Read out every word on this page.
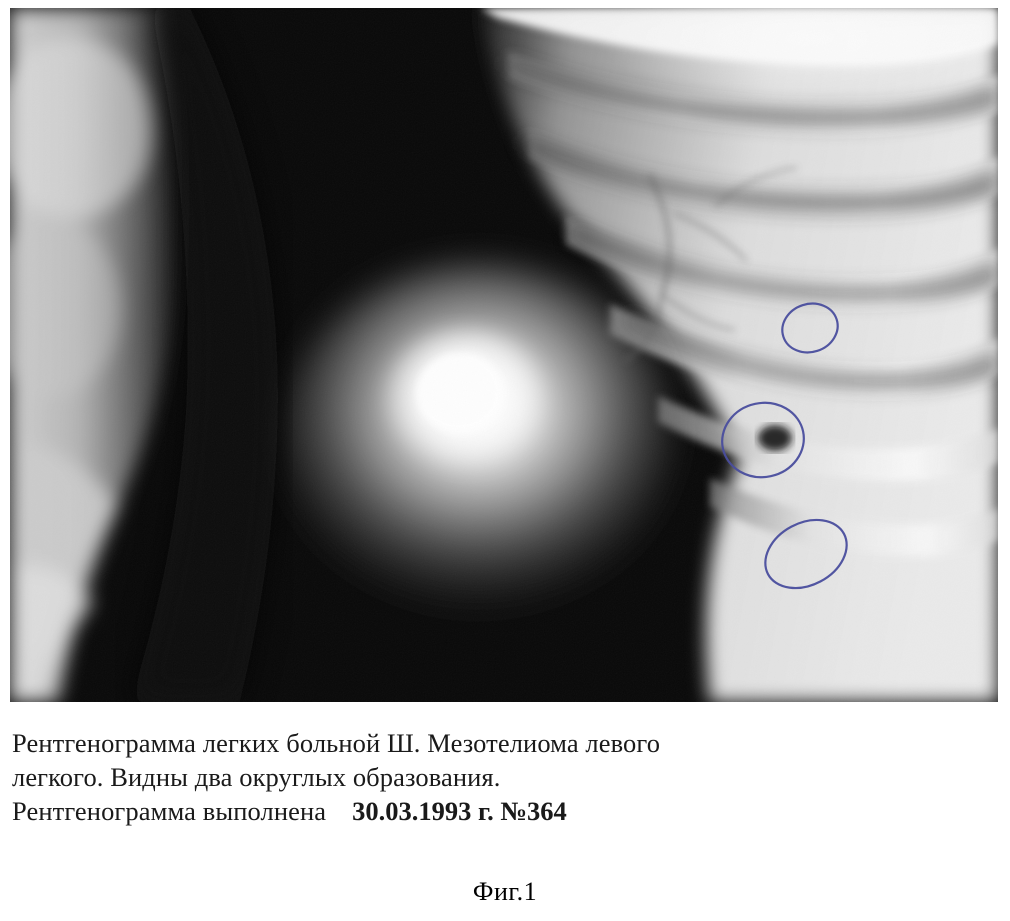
Рентгенограмма легких больной Ш. Мезотелиома левого
легкого. Видны два округлых образования.
Рентгенограмма выполнена 30.03.1993 г. №364
Фиг.1
